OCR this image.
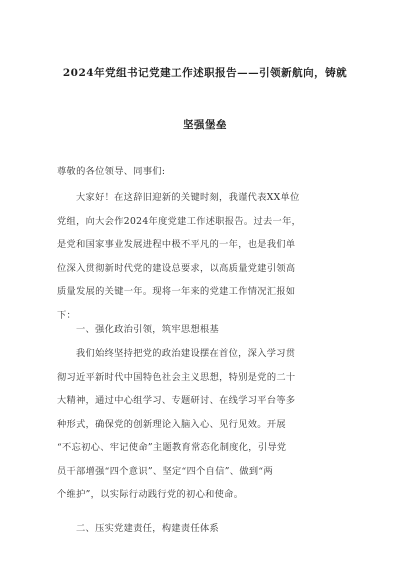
2024年党组书记党建工作述职报告——引领新航向，铸就
坚强堡垒
尊敬的各位领导、同事们:
大家好！在这辞旧迎新的关键时刻，我谨代表XX单位
党组，向大会作2024年度党建工作述职报告。过去一年，
是党和国家事业发展进程中极不平凡的一年，也是我们单
位深入贯彻新时代党的建设总要求，以高质量党建引领高
质量发展的关键一年。现将一年来的党建工作情况汇报如
下：
一、强化政治引领，筑牢思想根基
我们始终坚持把党的政治建设摆在首位，深入学习贯
彻习近平新时代中国特色社会主义思想，特别是党的二十
大精神，通过中心组学习、专题研讨、在线学习平台等多
种形式，确保党的创新理论入脑入心、见行见效。开展
“不忘初心、牢记使命”主题教育常态化制度化，引导党
员干部增强“四个意识”、坚定“四个自信”、做到“两
个维护”，以实际行动践行党的初心和使命。
二、压实党建责任，构建责任体系
